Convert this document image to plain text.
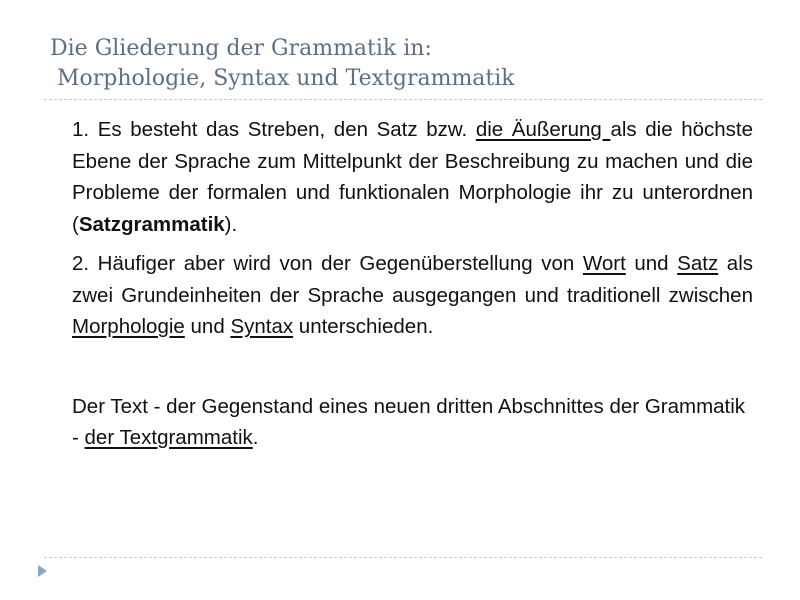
Die Gliederung der Grammatik in:
Morphologie, Syntax und Textgrammatik

1. Es besteht das Streben, den Satz bzw. die Äußerung als die höchste Ebene der Sprache zum Mittelpunkt der Beschreibung zu machen und die Probleme der formalen und funktionalen Morphologie ihr zu unterordnen (Satzgrammatik).

2. Häufiger aber wird von der Gegenüberstellung von Wort und Satz als zwei Grundeinheiten der Sprache ausgegangen und traditionell zwischen Morphologie und Syntax unterschieden.

Der Text - der Gegenstand eines neuen dritten Abschnittes der Grammatik - der Textgrammatik.
